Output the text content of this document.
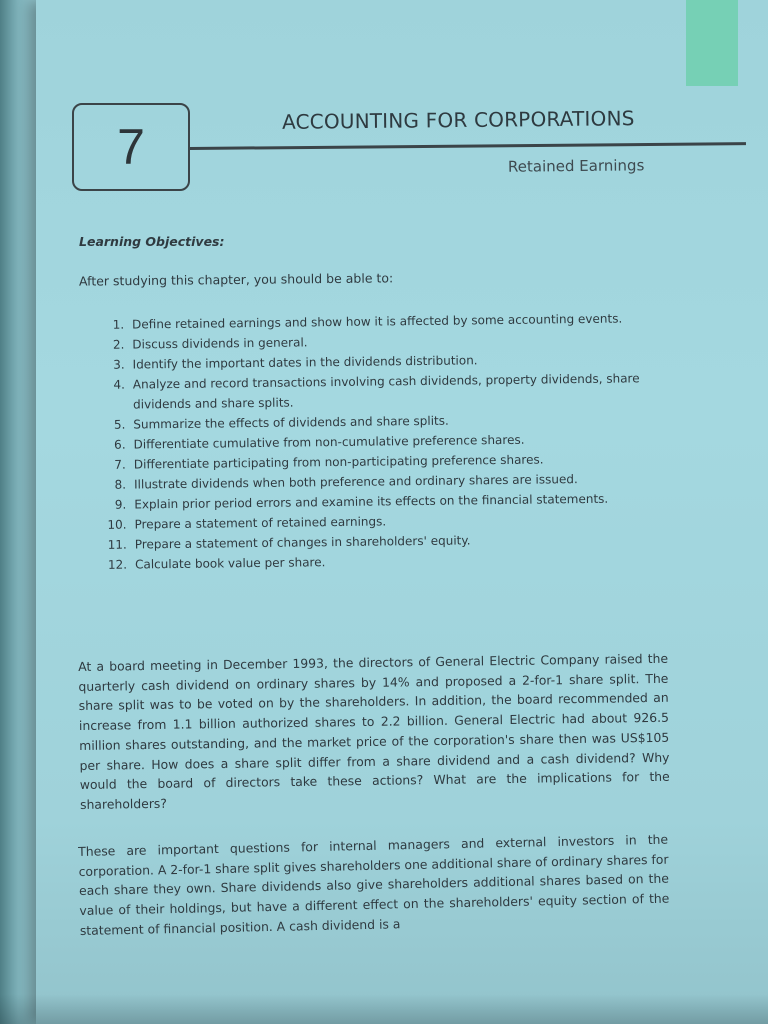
7	ACCOUNTING FOR CORPORATIONS
Retained Earnings
Learning Objectives:
After studying this chapter, you should be able to:
1. Define retained earnings and show how it is affected by some accounting events.
2. Discuss dividends in general.
3. Identify the important dates in the dividends distribution.
4. Analyze and record transactions involving cash dividends, property dividends, share dividends and share splits.
5. Summarize the effects of dividends and share splits.
6. Differentiate cumulative from non-cumulative preference shares.
7. Differentiate participating from non-participating preference shares.
8. Illustrate dividends when both preference and ordinary shares are issued.
9. Explain prior period errors and examine its effects on the financial statements.
10. Prepare a statement of retained earnings.
11. Prepare a statement of changes in shareholders' equity.
12. Calculate book value per share.

At a board meeting in December 1993, the directors of General Electric Company raised the quarterly cash dividend on ordinary shares by 14% and proposed a 2-for-1 share split. The share split was to be voted on by the shareholders. In addition, the board recommended an increase from 1.1 billion authorized shares to 2.2 billion. General Electric had about 926.5 million shares outstanding, and the market price of the corporation's share then was US$105 per share. How does a share split differ from a share dividend and a cash dividend? Why would the board of directors take these actions? What are the implications for the shareholders?

These are important questions for internal managers and external investors in the corporation. A 2-for-1 share split gives shareholders one additional share of ordinary shares for each share they own. Share dividends also give shareholders additional shares based on the value of their holdings, but have a different effect on the shareholders' equity section of the statement of financial position. A cash dividend is a
